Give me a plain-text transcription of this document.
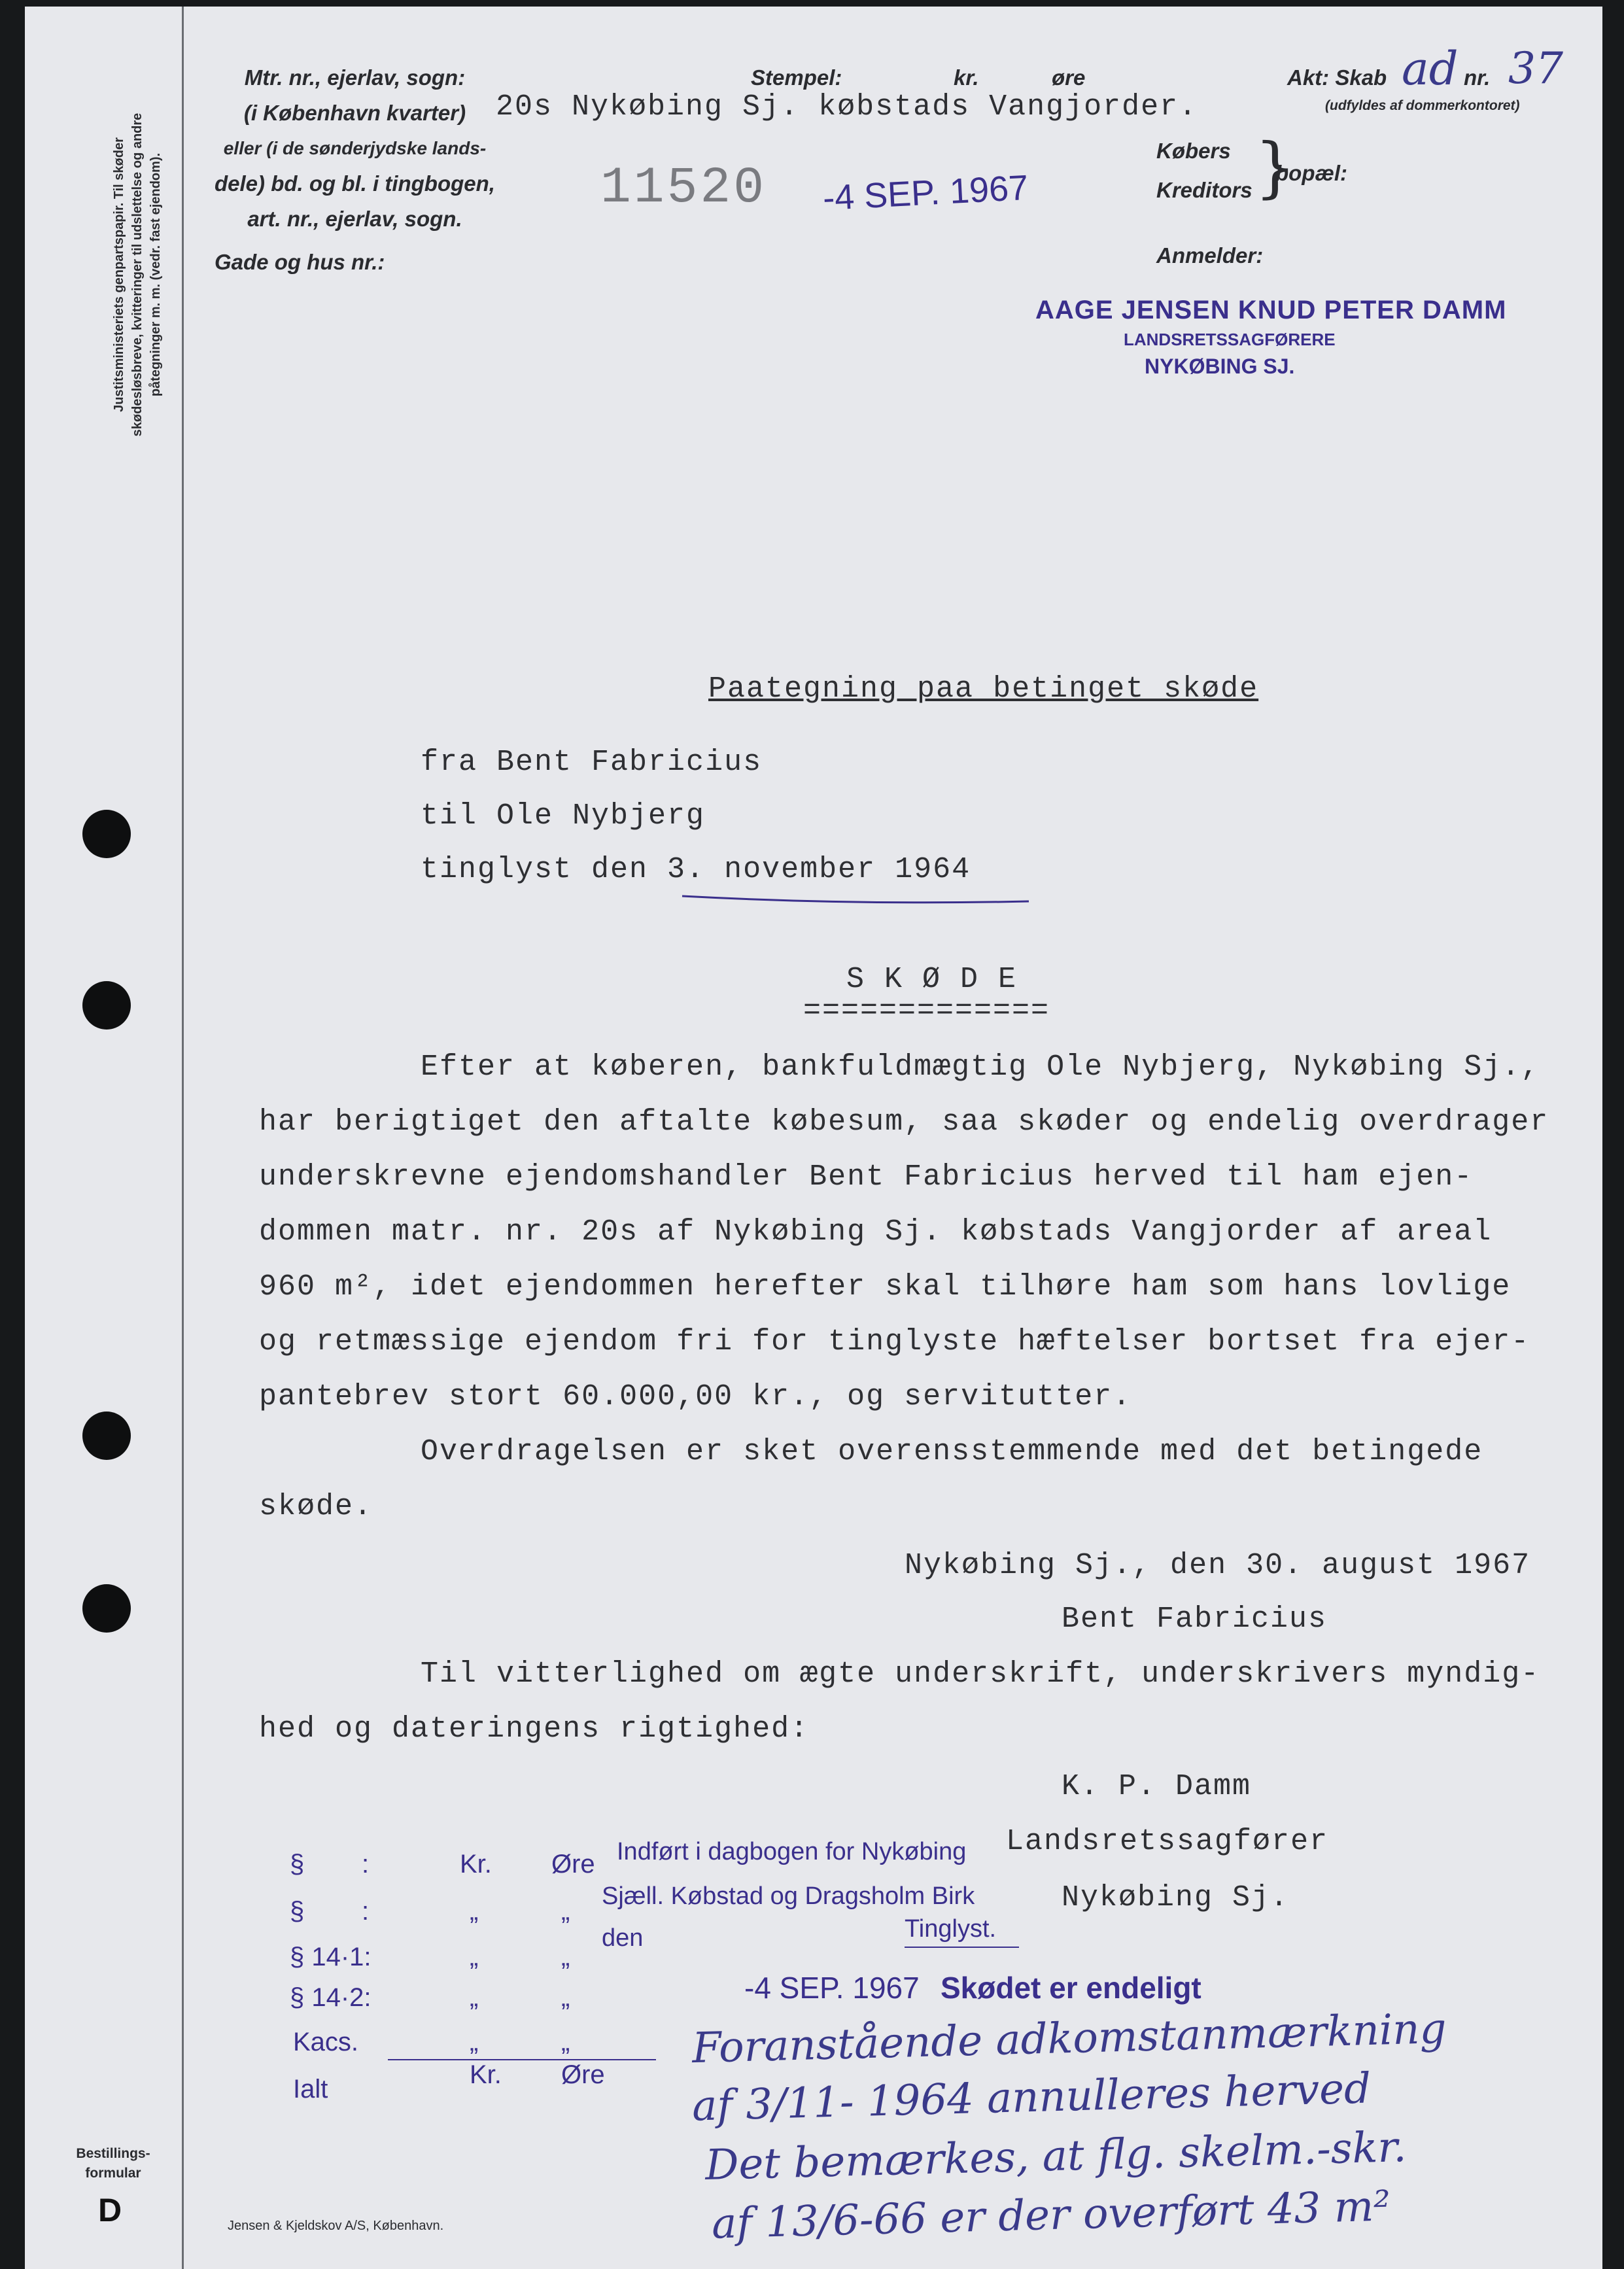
Justitsministeriets genpartspapir. Til skøder skødesløsbreve, kvitteringer til udslettelse og andre påtegninger m. m. (vedr. fast ejendom).
Bestillings-
formular
D
Mtr. nr., ejerlav, sogn:
(i København kvarter)
eller (i de sønderjydske lands-
dele) bd. og bl. i tingbogen,
art. nr., ejerlav, sogn.
20s Nykøbing Sj. købstads Vangjorder.
Stempel:	kr.	øre	Akt: Skab ad nr. 37
(udfyldes af dommerkontoret)
Gade og hus nr.:
Købers
Kreditors }
bopæl:
Anmelder:
11520 -4 SEP. 1967
AAGE JENSEN KNUD PETER DAMM
LANDSRETSSAGFØRERE
NYKØBING SJ.
Paategning paa betinget skøde
fra Bent Fabricius
til Ole Nybjerg
tinglyst den 3. november 1964
S K Ø D E
=============
Efter at køberen, bankfuldmægtig Ole Nybjerg, Nykøbing Sj.,
har berigtiget den aftalte købesum, saa skøder og endelig overdrager
underskrevne ejendomshandler Bent Fabricius herved til ham ejen-
dommen matr. nr. 20s af Nykøbing Sj. købstads Vangjorder af areal
960 m², idet ejendommen herefter skal tilhøre ham som hans lovlige
og retmæssige ejendom fri for tinglyste hæftelser bortset fra ejer-
pantebrev stort 60.000,00 kr., og servitutter.
Overdragelsen er sket overensstemmende med det betingede
skøde.
Nykøbing Sj., den 30. august 1967
Bent Fabricius
Til vitterlighed om ægte underskrift, underskrivers myndig-
hed og dateringens rigtighed:
K. P. Damm
Landsretssagfører
Nykøbing Sj.
§ :	Kr. Øre
§ :	„	„
§ 14·1:	„	„
§ 14·2:	„	„
Kacs.	„	„
Ialt	Kr. Øre
Indført i dagbogen for Nykøbing
Sjæll. Købstad og Dragsholm Birk
den	Tinglyst.
-4 SEP. 1967 Skødet er endeligt
Foranstående adkomstanmærkning
af 3/11- 1964 annulleres herved
Det bemærkes, at flg. skelm.-skr.
af 13/6-66 er der overført 43 m²
Jensen & Kjeldskov A/S, København.
